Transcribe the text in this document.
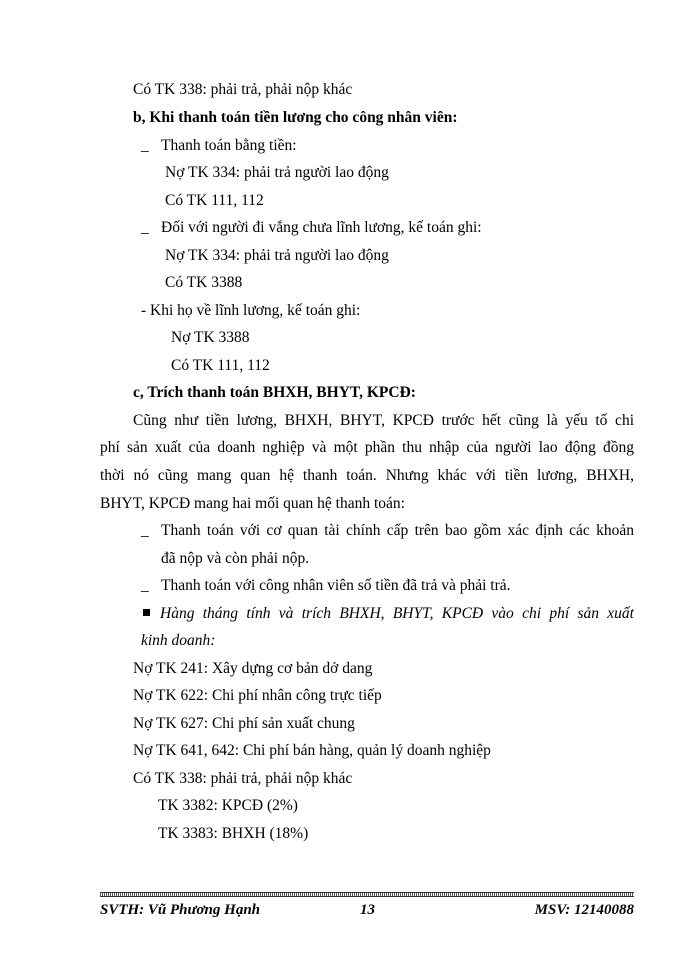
Có TK 338: phải trả, phải nộp khác
b, Khi thanh toán tiền lương cho công nhân viên:
_ Thanh toán bằng tiền:
Nợ TK 334: phải trả người lao động
Có TK 111, 112
_ Đối với người đi vắng chưa lĩnh lương, kế toán ghi:
Nợ TK 334: phải trả người lao động
Có TK 3388
- Khi họ về lĩnh lương, kế toán ghi:
Nợ TK 3388
Có TK 111, 112
c, Trích thanh toán BHXH, BHYT, KPCĐ:
Cũng như tiền lương, BHXH, BHYT, KPCĐ trước hết cũng là yếu tố chi
phí sản xuất của doanh nghiệp và một phần thu nhập của người lao động đồng
thời nó cũng mang quan hệ thanh toán. Nhưng khác với tiền lương, BHXH,
BHYT, KPCĐ mang hai mối quan hệ thanh toán:
_ Thanh toán với cơ quan tài chính cấp trên bao gồm xác định các khoản
đã nộp và còn phải nộp.
_ Thanh toán với công nhân viên số tiền đã trả và phải trả.
Hàng tháng tính và trích BHXH, BHYT, KPCĐ vào chi phí sản xuất
kinh doanh:
Nợ TK 241: Xây dựng cơ bản dở dang
Nợ TK 622: Chi phí nhân công trực tiếp
Nợ TK 627: Chi phí sản xuất chung
Nợ TK 641, 642: Chi phí bán hàng, quản lý doanh nghiệp
Có TK 338: phải trả, phải nộp khác
TK 3382: KPCĐ (2%)
TK 3383: BHXH (18%)
SVTH: Vũ Phương Hạnh	13	MSV: 12140088
